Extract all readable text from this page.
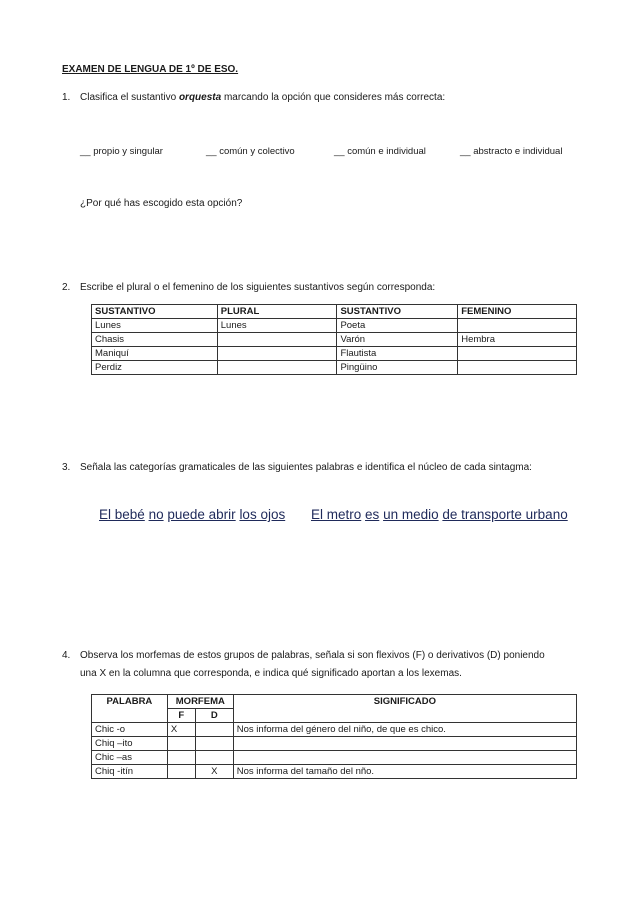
EXAMEN DE LENGUA DE 1º DE ESO.
1. Clasifica el sustantivo orquesta marcando la opción que consideres más correcta:
__ propio y singular	__ común y colectivo	__ común e individual	__ abstracto e individual
¿Por qué has escogido esta opción?
2. Escribe el plural o el femenino de los siguientes sustantivos según corresponda:
SUSTANTIVO	PLURAL	SUSTANTIVO	FEMENINO
Lunes	Lunes	Poeta	
Chasis		Varón	Hembra
Maniquí		Flautista	
Perdiz		Pingüino	
3. Señala las categorías gramaticales de las siguientes palabras e identifica el núcleo de cada sintagma:
El bebé no puede abrir los ojos El metro es un medio de transporte urbano
4. Observa los morfemas de estos grupos de palabras, señala si son flexivos (F) o derivativos (D) poniendo
una X en la columna que corresponda, e indica qué significado aportan a los lexemas.
PALABRA	MORFEMA		SIGNIFICADO
	F	D	
Chic -o	X		Nos informa del género del niño, de que es chico.
Chiq –ito			
Chic –as			
Chiq -itín		X	Nos informa del tamaño del nño.
